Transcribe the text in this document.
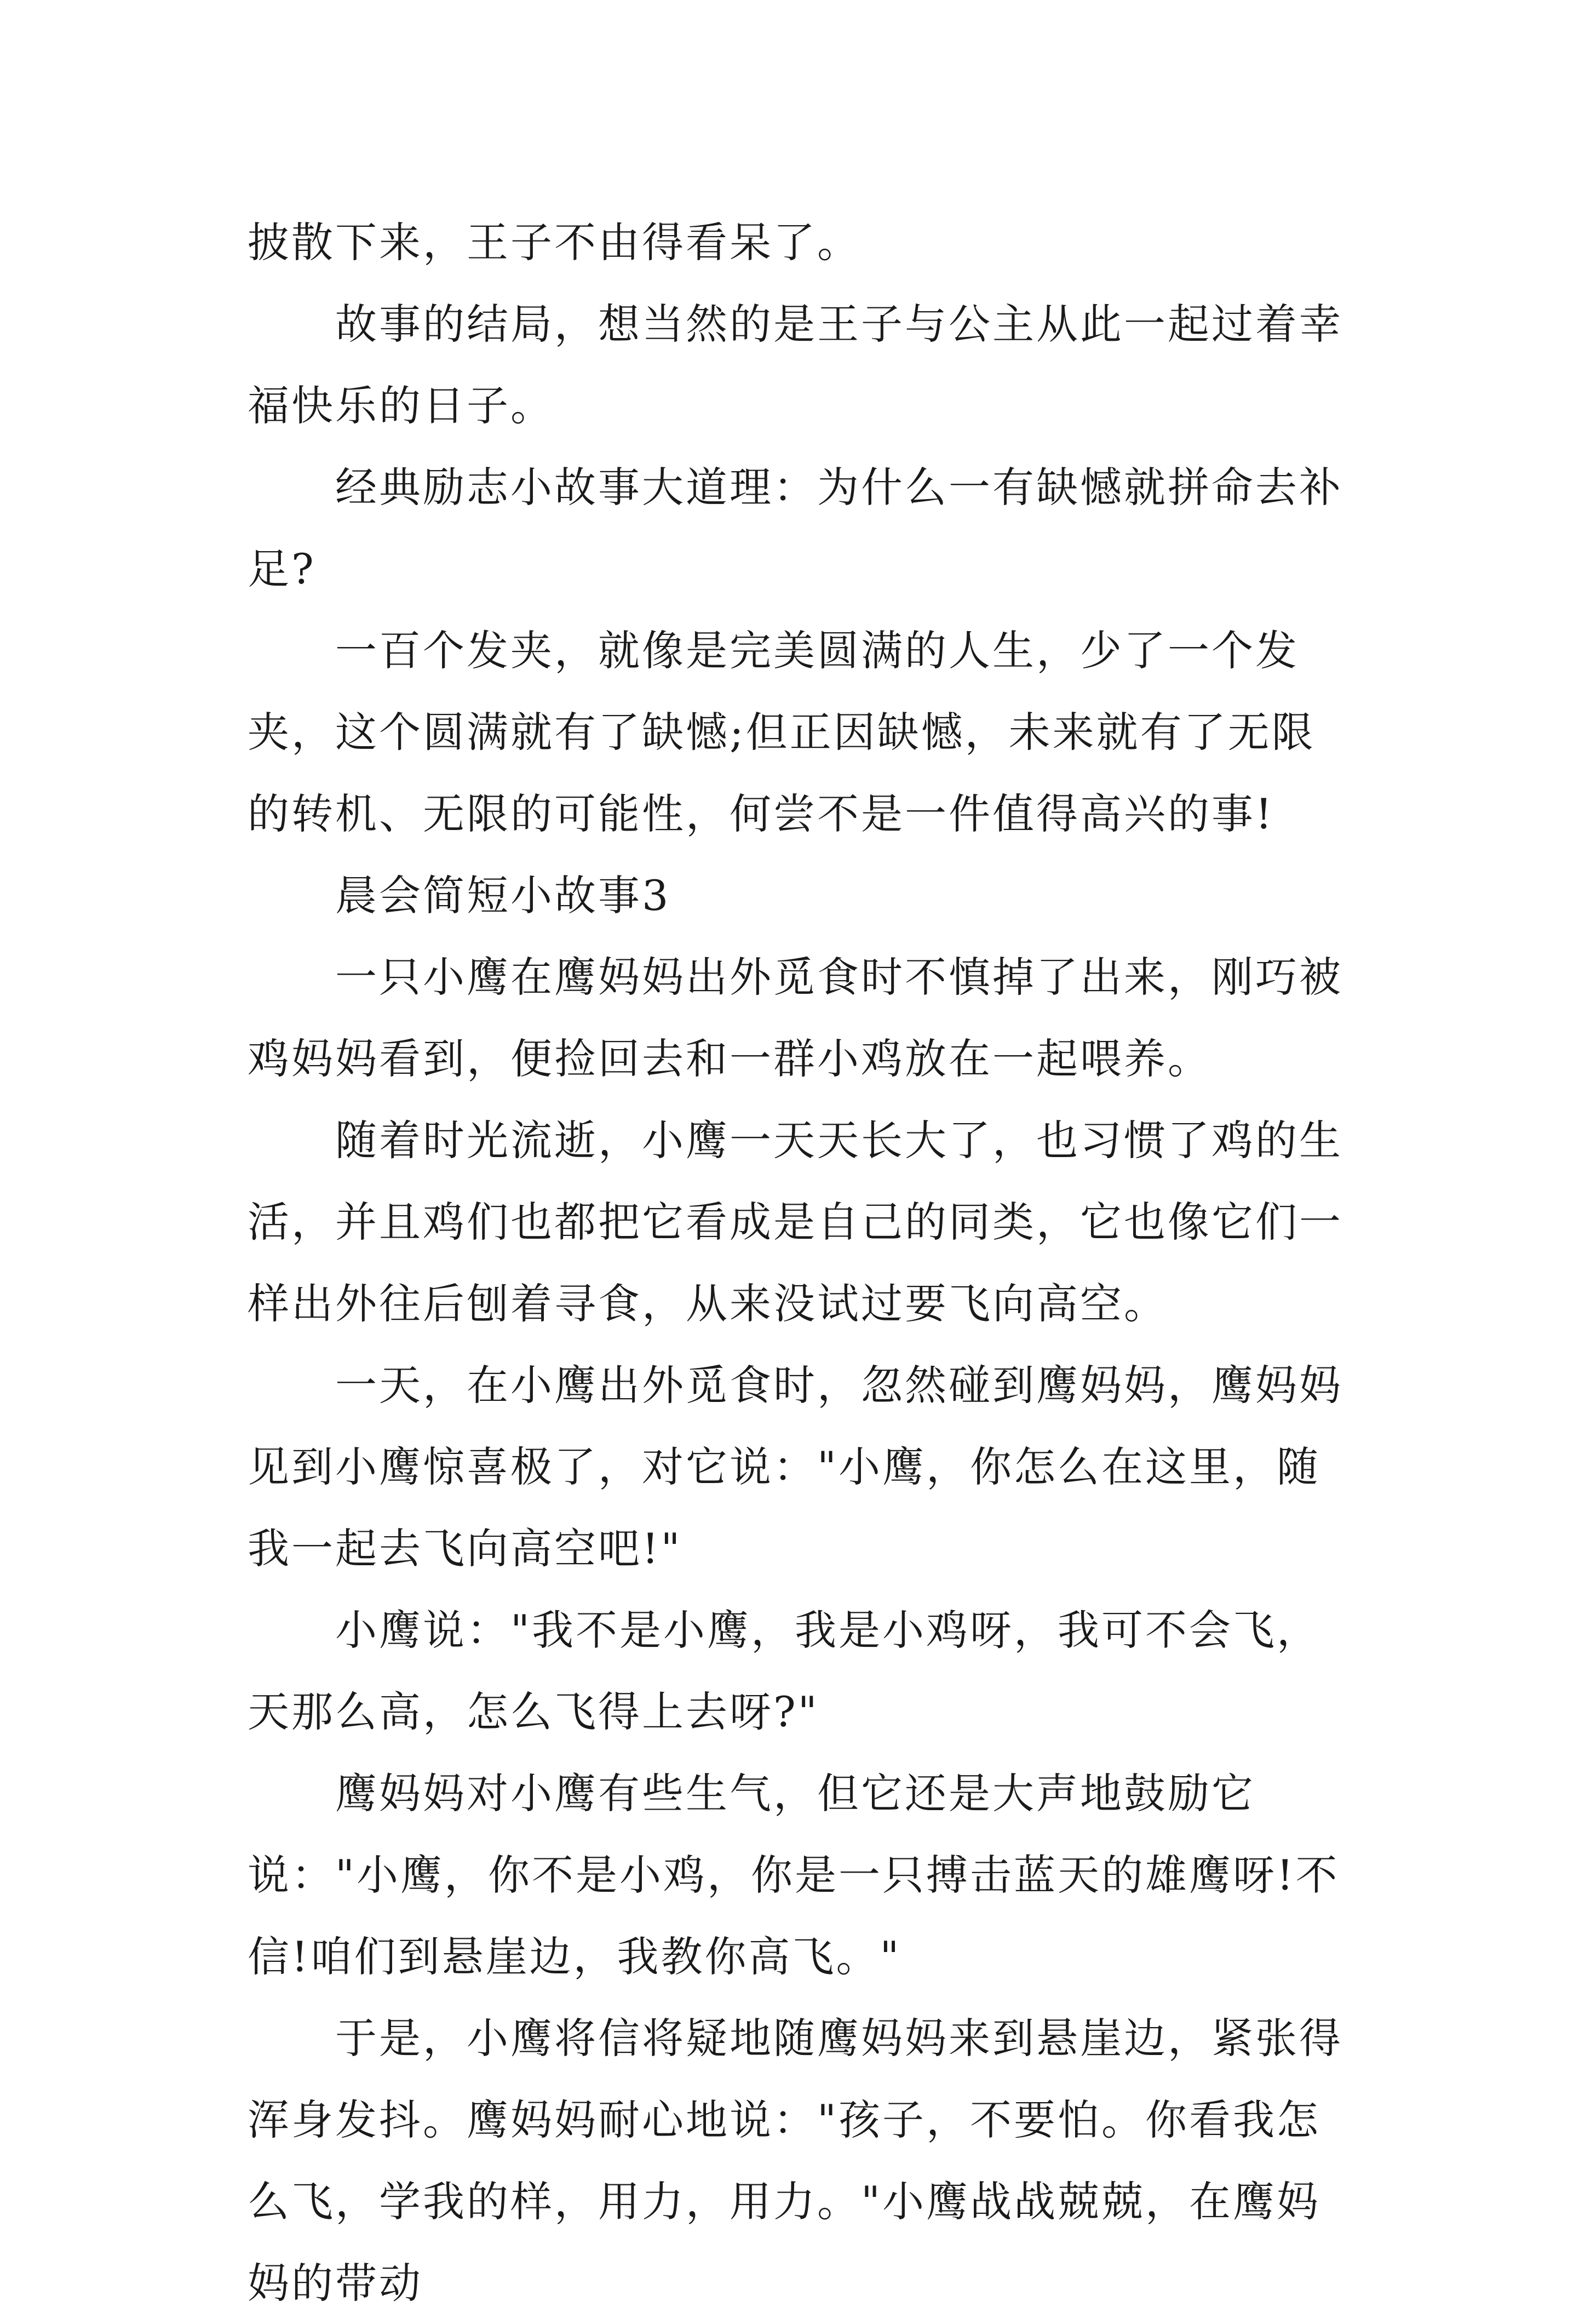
披散下来，王子不由得看呆了。

故事的结局，想当然的是王子与公主从此一起过着幸福快乐的日子。

经典励志小故事大道理：为什么一有缺憾就拼命去补足?

一百个发夹，就像是完美圆满的人生，少了一个发夹，这个圆满就有了缺憾;但正因缺憾，未来就有了无限的转机、无限的可能性，何尝不是一件值得高兴的事!

晨会简短小故事3

一只小鹰在鹰妈妈出外觅食时不慎掉了出来，刚巧被鸡妈妈看到，便捡回去和一群小鸡放在一起喂养。

随着时光流逝，小鹰一天天长大了，也习惯了鸡的生活，并且鸡们也都把它看成是自己的同类，它也像它们一样出外往后刨着寻食，从来没试过要飞向高空。

一天，在小鹰出外觅食时，忽然碰到鹰妈妈，鹰妈妈见到小鹰惊喜极了，对它说："小鹰，你怎么在这里，随我一起去飞向高空吧!"

小鹰说："我不是小鹰，我是小鸡呀，我可不会飞，天那么高，怎么飞得上去呀?"

鹰妈妈对小鹰有些生气，但它还是大声地鼓励它说："小鹰，你不是小鸡，你是一只搏击蓝天的雄鹰呀!不信!咱们到悬崖边，我教你高飞。"

于是，小鹰将信将疑地随鹰妈妈来到悬崖边，紧张得浑身发抖。鹰妈妈耐心地说："孩子，不要怕。你看我怎么飞，学我的样，用力，用力。"小鹰战战兢兢，在鹰妈妈的带动
